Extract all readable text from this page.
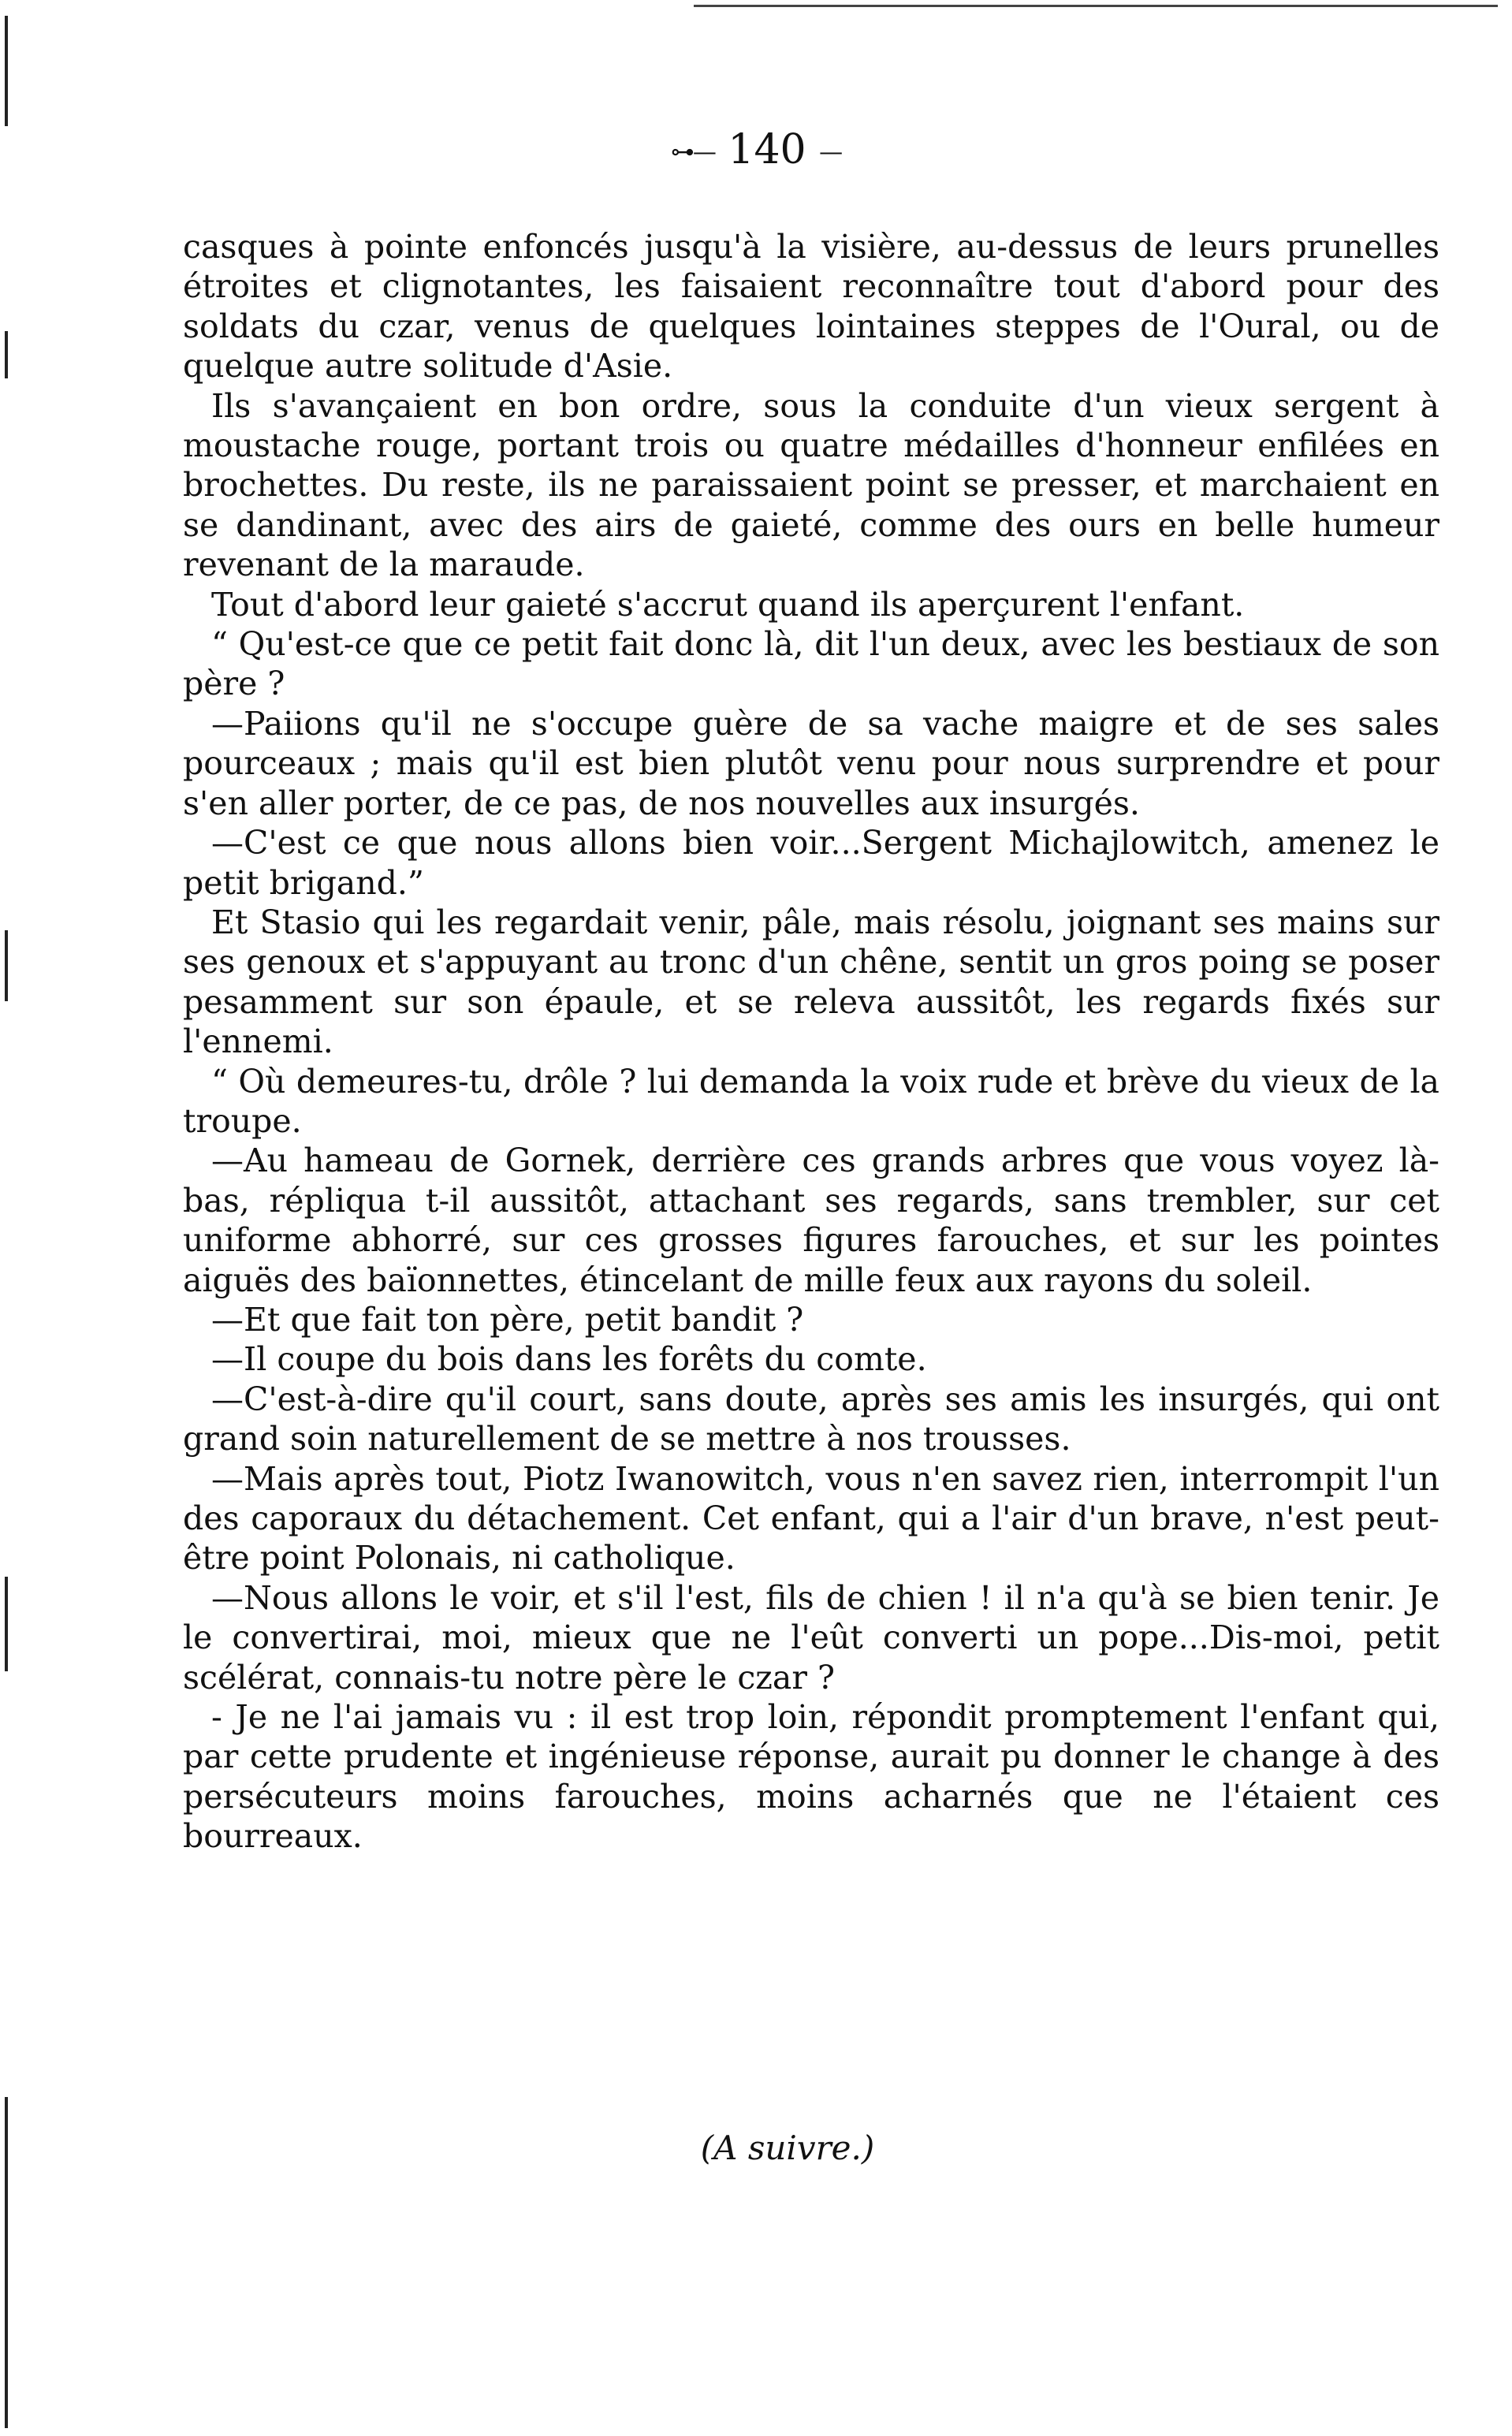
⊶— 140 —

casques à pointe enfoncés jusqu'à la visière, au-dessus de leurs prunelles étroites et clignotantes, les faisaient reconnaître tout d'abord pour des soldats du czar, venus de quelques lointaines steppes de l'Oural, ou de quelque autre solitude d'Asie.

Ils s'avançaient en bon ordre, sous la conduite d'un vieux sergent à moustache rouge, portant trois ou quatre médailles d'honneur enfilées en brochettes. Du reste, ils ne paraissaient point se presser, et marchaient en se dandinant, avec des airs de gaieté, comme des ours en belle humeur revenant de la maraude.

Tout d'abord leur gaieté s'accrut quand ils aperçurent l'enfant.

“ Qu'est-ce que ce petit fait donc là, dit l'un deux, avec les bestiaux de son père ?

—Paiions qu'il ne s'occupe guère de sa vache maigre et de ses sales pourceaux ; mais qu'il est bien plutôt venu pour nous surprendre et pour s'en aller porter, de ce pas, de nos nouvelles aux insurgés.

—C'est ce que nous allons bien voir...Sergent Michajlowitch, amenez le petit brigand.”

Et Stasio qui les regardait venir, pâle, mais résolu, joignant ses mains sur ses genoux et s'appuyant au tronc d'un chêne, sentit un gros poing se poser pesamment sur son épaule, et se releva aussitôt, les regards fixés sur l'ennemi.

“ Où demeures-tu, drôle ? lui demanda la voix rude et brève du vieux de la troupe.

—Au hameau de Gornek, derrière ces grands arbres que vous voyez là-bas, répliqua t-il aussitôt, attachant ses regards, sans trembler, sur cet uniforme abhorré, sur ces grosses figures farouches, et sur les pointes aiguës des baïonnettes, étincelant de mille feux aux rayons du soleil.

—Et que fait ton père, petit bandit ?

—Il coupe du bois dans les forêts du comte.

—C'est-à-dire qu'il court, sans doute, après ses amis les insurgés, qui ont grand soin naturellement de se mettre à nos trousses.

—Mais après tout, Piotz Iwanowitch, vous n'en savez rien, interrompit l'un des caporaux du détachement. Cet enfant, qui a l'air d'un brave, n'est peut-être point Polonais, ni catholique.

—Nous allons le voir, et s'il l'est, fils de chien ! il n'a qu'à se bien tenir. Je le convertirai, moi, mieux que ne l'eût converti un pope...Dis-moi, petit scélérat, connais-tu notre père le czar ?

- Je ne l'ai jamais vu : il est trop loin, répondit promptement l'enfant qui, par cette prudente et ingénieuse réponse, aurait pu donner le change à des persécuteurs moins farouches, moins acharnés que ne l'étaient ces bourreaux.

(A suivre.)
